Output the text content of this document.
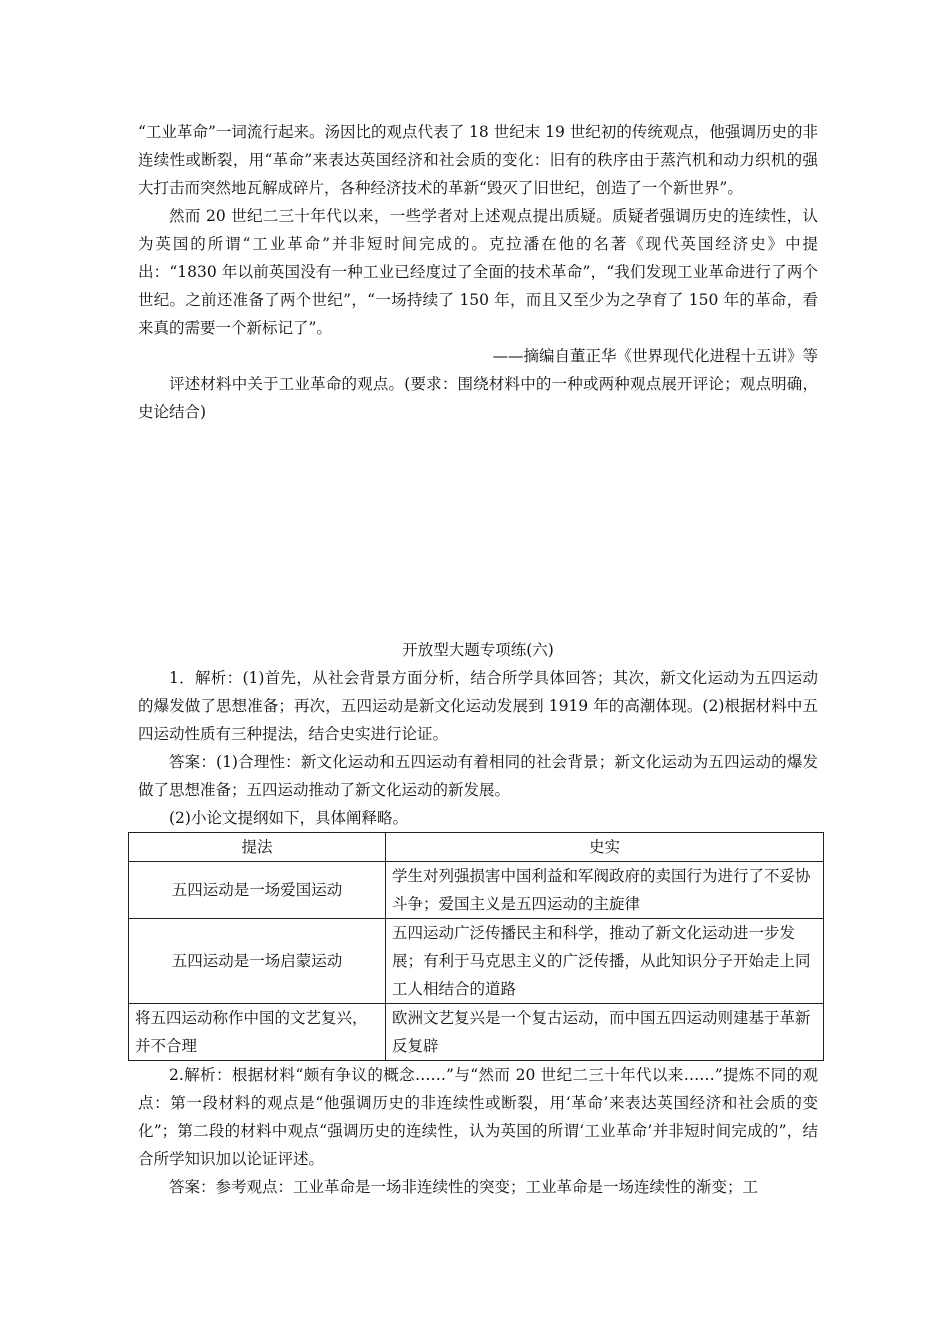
“工业革命”一词流行起来。汤因比的观点代表了 18 世纪末 19 世纪初的传统观点，他强调历史的非连续性或断裂，用“革命”来表达英国经济和社会质的变化：旧有的秩序由于蒸汽机和动力织机的强大打击而突然地瓦解成碎片，各种经济技术的革新“毁灭了旧世纪，创造了一个新世界”。

然而 20 世纪二三十年代以来，一些学者对上述观点提出质疑。质疑者强调历史的连续性，认为英国的所谓“工业革命”并非短时间完成的。克拉潘在他的名著《现代英国经济史》中提出：“1830 年以前英国没有一种工业已经度过了全面的技术革命”，“我们发现工业革命进行了两个世纪。之前还准备了两个世纪”，“一场持续了 150 年，而且又至少为之孕育了 150 年的革命，看来真的需要一个新标记了”。

——摘编自董正华《世界现代化进程十五讲》等

评述材料中关于工业革命的观点。(要求：围绕材料中的一种或两种观点展开评论；观点明确，史论结合)

开放型大题专项练(六)

1．解析：(1)首先，从社会背景方面分析，结合所学具体回答；其次，新文化运动为五四运动的爆发做了思想准备；再次，五四运动是新文化运动发展到 1919 年的高潮体现。(2)根据材料中五四运动性质有三种提法，结合史实进行论证。

答案：(1)合理性：新文化运动和五四运动有着相同的社会背景；新文化运动为五四运动的爆发做了思想准备；五四运动推动了新文化运动的新发展。

(2)小论文提纲如下，具体阐释略。

提法	史实
五四运动是一场爱国运动	学生对列强损害中国利益和军阀政府的卖国行为进行了不妥协斗争；爱国主义是五四运动的主旋律
五四运动是一场启蒙运动	五四运动广泛传播民主和科学，推动了新文化运动进一步发展；有利于马克思主义的广泛传播，从此知识分子开始走上同工人相结合的道路
将五四运动称作中国的文艺复兴，并不合理	欧洲文艺复兴是一个复古运动，而中国五四运动则建基于革新反复辟

2.解析：根据材料“颇有争议的概念……”与“然而 20 世纪二三十年代以来……”提炼不同的观点：第一段材料的观点是“他强调历史的非连续性或断裂，用‘革命’来表达英国经济和社会质的变化”；第二段的材料中观点“强调历史的连续性，认为英国的所谓‘工业革命’并非短时间完成的”，结合所学知识加以论证评述。

答案：参考观点：工业革命是一场非连续性的突变；工业革命是一场连续性的渐变；工
